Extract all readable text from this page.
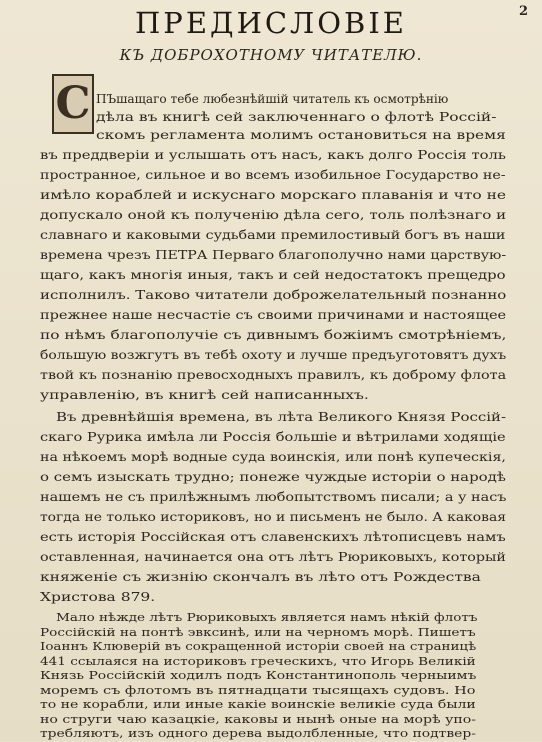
2
ПРЕДИСЛОВІЕ
КЪ ДОБРОХОТНОМУ ЧИТАТЕЛЮ.
С ПЪшащаго тебе любезнѣйшій читатель къ осмотрѣнію
дѣла въ книгѣ сей заключеннаго о флотѣ Россій-
скомъ регламента молимъ остановиться на время
въ преддверіи и услышать отъ насъ, какъ долго Россія толь
пространное, сильное и во всемъ изобильное Государство не-
имѣло кораблей и искуснаго морскаго плаванія и что не
допускало оной къ полученію дѣла сего, толь полѣзнаго и
славнаго и каковыми судьбами премилостивый богъ въ наши
времена чрезъ ПЕТРА Перваго благополучно нами царствую-
щаго, какъ многія иныя, такъ и сей недостатокъ прещедро
исполнилъ. Таково читатели доброжелательный познанно
прежнее наше несчастіе съ своими причинами и настоящее
по нѣмъ благополучіе съ дивнымъ божіимъ смотрѣніемъ,
большую возжгутъ въ тебѣ охоту и лучше предъуготовятъ духъ
твой къ познанію превосходныхъ правилъ, къ доброму флота
управленію, въ книгѣ сей написанныхъ.
Въ древнѣйшія времена, въ лѣта Великого Князя Россій-
скаго Рурика имѣла ли Россія большіе и вѣтрилами ходящіе
на нѣкоемъ морѣ водные суда воинскія, или понѣ купеческія,
о семъ изыскать трудно; понеже чуждые исторіи о народѣ
нашемъ не съ прилѣжнымъ любопытствомъ писали; а у насъ
тогда не только историковъ, но и письменъ не было. А каковая
есть исторія Россійская отъ славенскихъ лѣтописцевъ намъ
оставленная, начинается она отъ лѣтъ Рюриковыхъ, который
княженіе съ жизнію скончалъ въ лѣто отъ Рождества
Христова 879.
Мало нѣжде лѣтъ Рюриковыхъ является намъ нѣкій флотъ
Россійскій на понтѣ эвксинѣ, или на черномъ морѣ. Пишетъ
Іоаннъ Клюверій въ сокращенной исторіи своей на страницѣ
441 ссылаяся на историковъ греческихъ, что Игорь Великій
Князь Россійскій ходилъ подъ Константинополь черныимъ
моремъ съ флотомъ въ пятнадцати тысящахъ судовъ. Но
то не корабли, или иные какіе воинскіе великіе суда были
но струги чаю казацкіе, каковы и нынѣ оные на морѣ упо-
требляютъ, изъ одного дерева выдолбленные, что подтвер-
